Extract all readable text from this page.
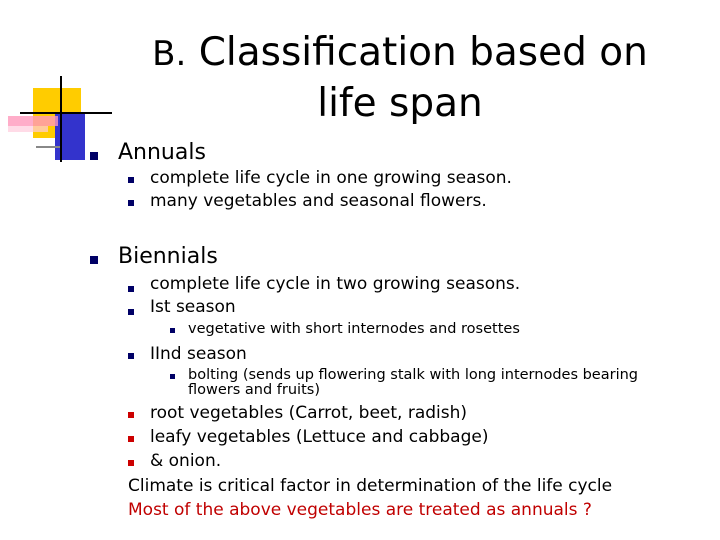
B. Classification based on
life span
Annuals
complete life cycle in one growing season.
many vegetables and seasonal flowers.
Biennials
complete life cycle in two growing seasons.
Ist season
vegetative with short internodes and rosettes
IInd season
bolting (sends up flowering stalk with long internodes bearing
flowers and fruits)
root vegetables (Carrot, beet, radish)
leafy vegetables (Lettuce and cabbage)
& onion.
Climate is critical factor in determination of the life cycle
Most of the above vegetables are treated as annuals ?
